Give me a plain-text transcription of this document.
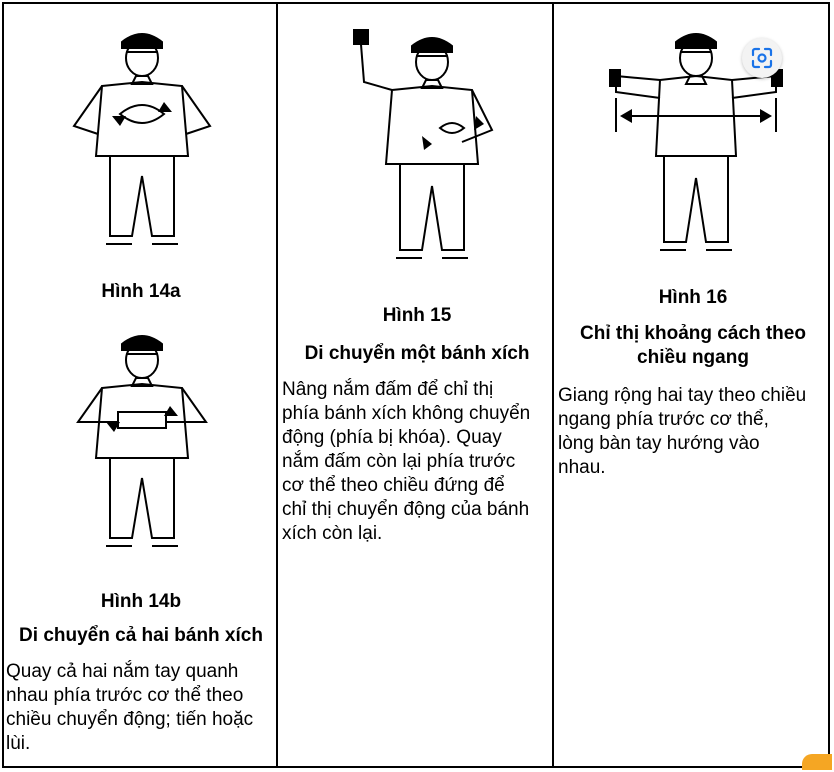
Hình 14a
Hình 14b
Di chuyển cả hai bánh xích
Quay cả hai nắm tay quanh
nhau phía trước cơ thể theo
chiều chuyển động; tiến hoặc
lùi.
Hình 15
Di chuyển một bánh xích
Nâng nắm đấm để chỉ thị
phía bánh xích không chuyển
động (phía bị khóa). Quay
nắm đấm còn lại phía trước
cơ thể theo chiều đứng để
chỉ thị chuyển động của bánh
xích còn lại.
Hình 16
Chỉ thị khoảng cách theo
chiều ngang
Giang rộng hai tay theo chiều
ngang phía trước cơ thể,
lòng bàn tay hướng vào
nhau.
